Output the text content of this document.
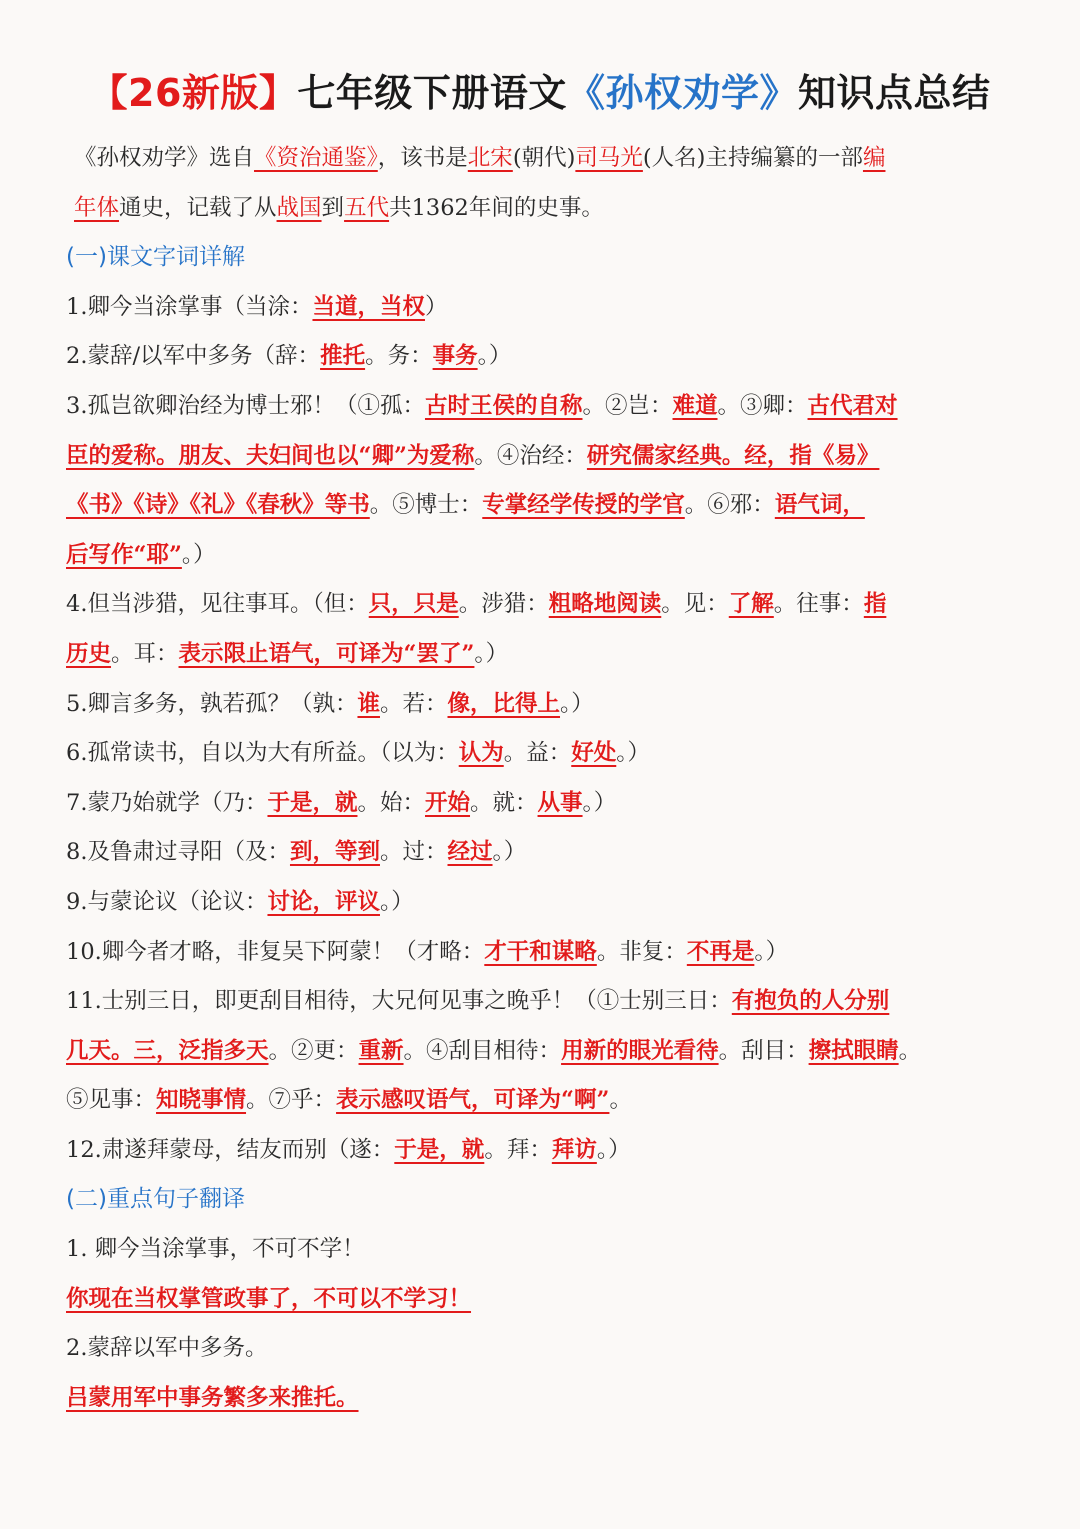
【26新版】七年级下册语文《孙权劝学》知识点总结
《孙权劝学》选自《资治通鉴》，该书是北宋(朝代)司马光(人名)主持编纂的一部编
年体通史，记载了从战国到五代共1362年间的史事。
(一)课文字词详解
1.卿今当涂掌事（当涂：当道，当权）
2.蒙辞/以军中多务（辞：推托。务：事务。）
3.孤岂欲卿治经为博士邪！（①孤：古时王侯的自称。②岂：难道。③卿：古代君对
臣的爱称。朋友、夫妇间也以“卿”为爱称。④治经：研究儒家经典。经，指《易》
《书》《诗》《礼》《春秋》等书。⑤博士：专掌经学传授的学官。⑥邪：语气词，
后写作“耶”。）
4.但当涉猎，见往事耳。（但：只，只是。涉猎：粗略地阅读。见：了解。往事：指
历史。耳：表示限止语气，可译为“罢了”。）
5.卿言多务，孰若孤？（孰：谁。若：像，比得上。）
6.孤常读书，自以为大有所益。（以为：认为。益：好处。）
7.蒙乃始就学（乃：于是，就。始：开始。就：从事。）
8.及鲁肃过寻阳（及：到，等到。过：经过。）
9.与蒙论议（论议：讨论，评议。）
10.卿今者才略，非复吴下阿蒙！（才略：才干和谋略。非复：不再是。）
11.士别三日，即更刮目相待，大兄何见事之晚乎！（①士别三日：有抱负的人分别
几天。三，泛指多天。②更：重新。④刮目相待：用新的眼光看待。刮目：擦拭眼睛。
⑤见事：知晓事情。⑦乎：表示感叹语气，可译为“啊”。
12.肃遂拜蒙母，结友而别（遂：于是，就。拜：拜访。）
(二)重点句子翻译
1. 卿今当涂掌事，不可不学！
你现在当权掌管政事了，不可以不学习！
2.蒙辞以军中多务。
吕蒙用军中事务繁多来推托。
